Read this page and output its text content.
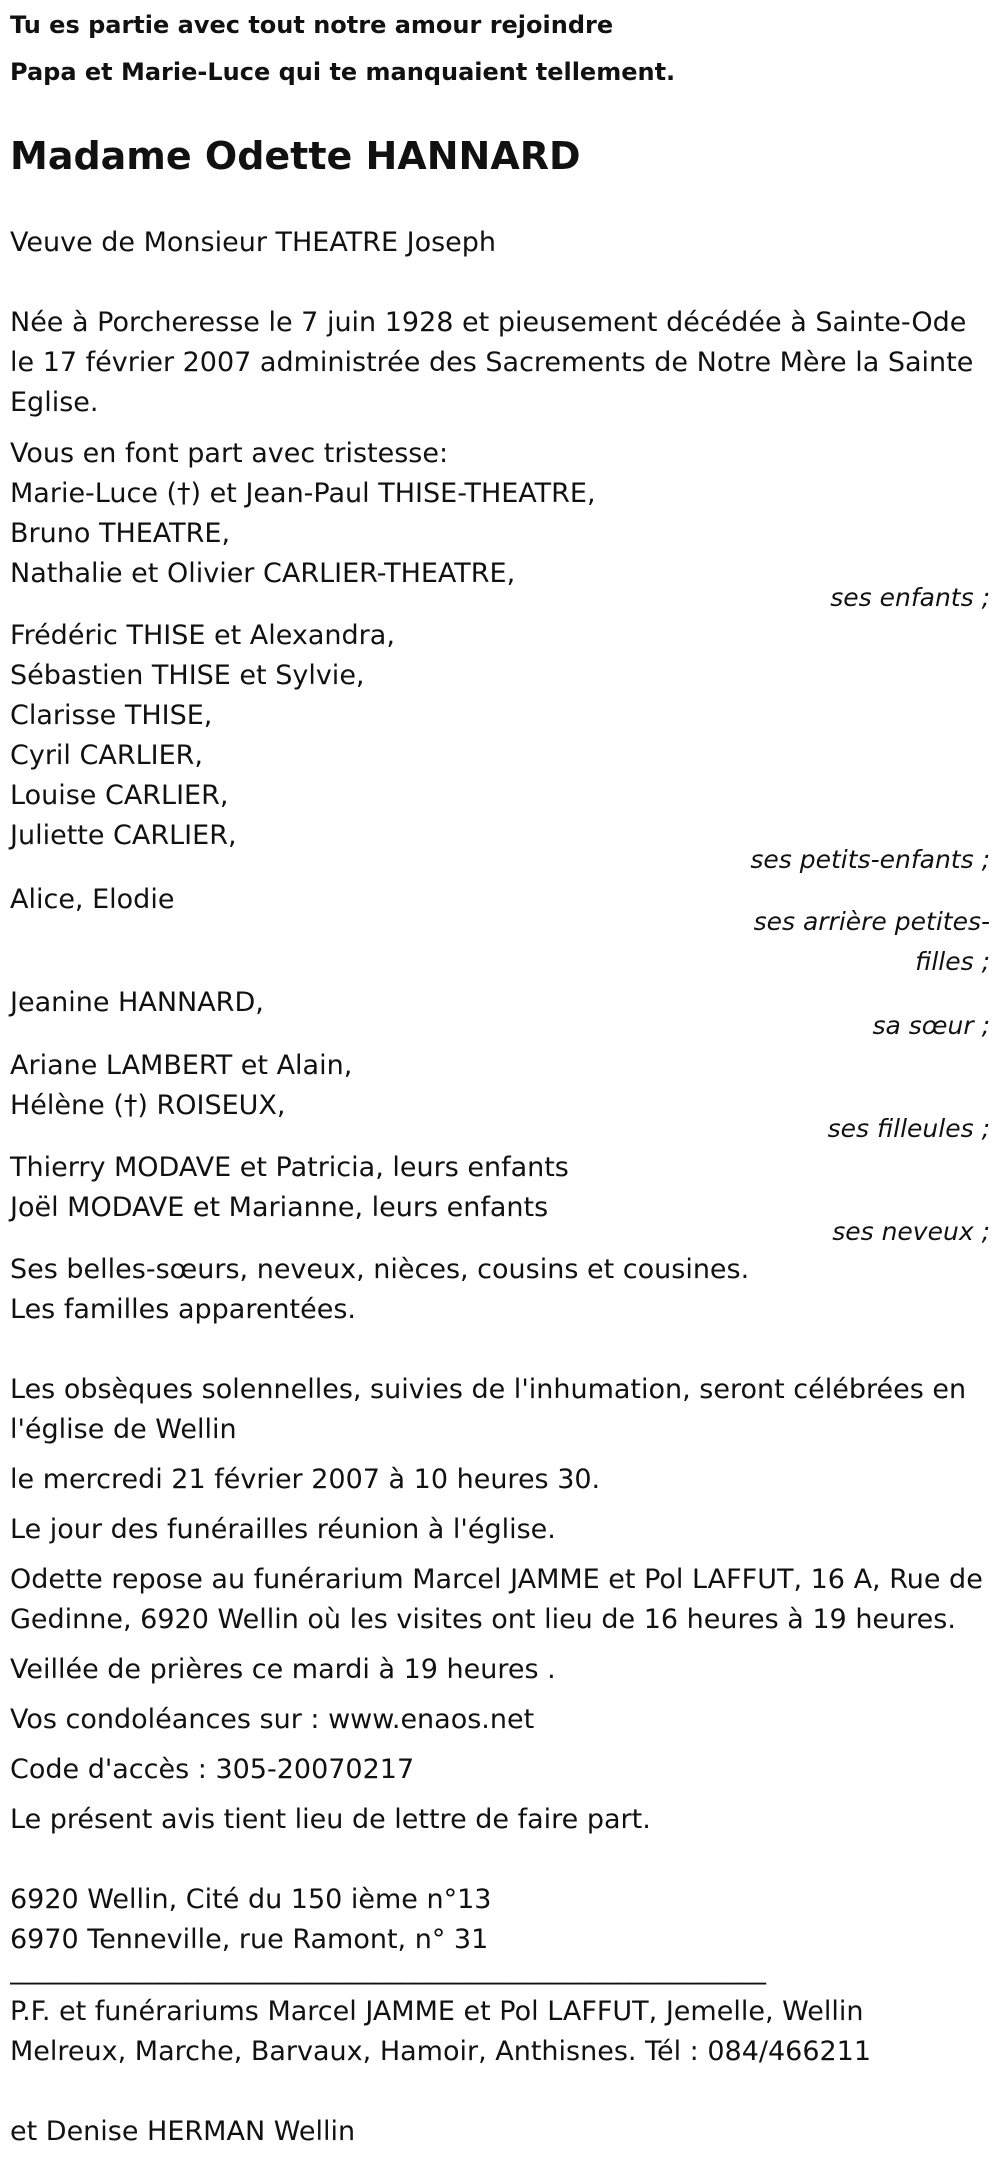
Tu es partie avec tout notre amour rejoindre

Papa et Marie-Luce qui te manquaient tellement.

Madame Odette HANNARD

Veuve de Monsieur THEATRE Joseph

Née à Porcheresse le 7 juin 1928 et pieusement décédée à Sainte-Ode le 17 février 2007 administrée des Sacrements de Notre Mère la Sainte Eglise.

Vous en font part avec tristesse:

Marie-Luce (†) et Jean-Paul THISE-THEATRE,
Bruno THEATRE,
Nathalie et Olivier CARLIER-THEATRE,
ses enfants ;
Frédéric THISE et Alexandra,
Sébastien THISE et Sylvie,
Clarisse THISE,
Cyril CARLIER,
Louise CARLIER,
Juliette CARLIER,
ses petits-enfants ;
Alice, Elodie
ses arrière petites-filles ;
Jeanine HANNARD,
sa sœur ;
Ariane LAMBERT et Alain,
Hélène (†) ROISEUX,
ses filleules ;
Thierry MODAVE et Patricia, leurs enfants
Joël MODAVE et Marianne, leurs enfants
ses neveux ;
Ses belles-sœurs, neveux, nièces, cousins et cousines.
Les familles apparentées.

Les obsèques solennelles, suivies de l'inhumation, seront célébrées en l'église de Wellin

le mercredi 21 février 2007 à 10 heures 30.

Le jour des funérailles réunion à l'église.

Odette repose au funérarium Marcel JAMME et Pol LAFFUT, 16 A, Rue de Gedinne, 6920 Wellin où les visites ont lieu de 16 heures à 19 heures.

Veillée de prières ce mardi à 19 heures .

Vos condoléances sur : www.enaos.net

Code d'accès : 305-20070217

Le présent avis tient lieu de lettre de faire part.

6920 Wellin, Cité du 150 ième n°13
6970 Tenneville, rue Ramont, n° 31

________________________________________________________

P.F. et funérariums Marcel JAMME et Pol LAFFUT, Jemelle, Wellin Melreux, Marche, Barvaux, Hamoir, Anthisnes. Tél : 084/466211

et Denise HERMAN Wellin
